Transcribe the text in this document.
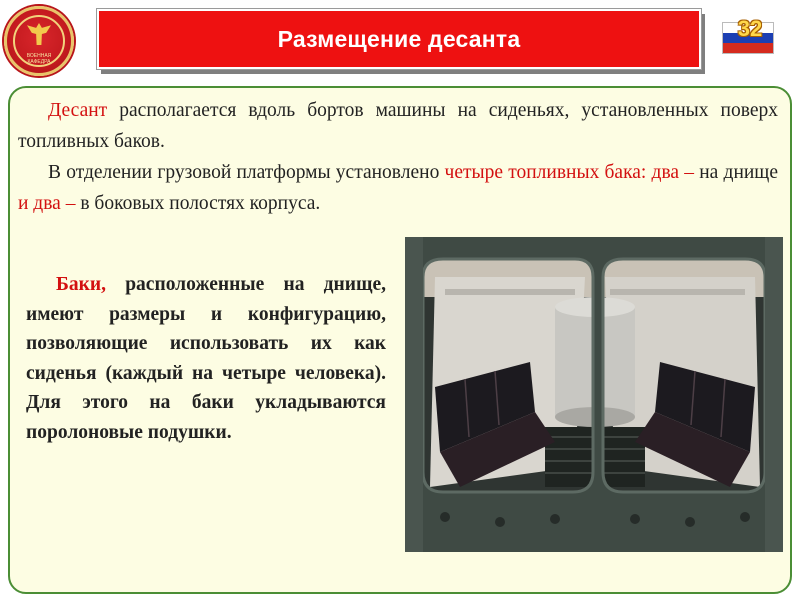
ВОЕННАЯ КАФЕДРА
Размещение десанта	32

Десант располагается вдоль бортов машины на сиденьях, установленных поверх топливных баков.

В отделении грузовой платформы установлено четыре топливных бака: два – на днище и два – в боковых полостях корпуса.

Баки, расположенные на днище, имеют размеры и конфигурацию, позволяющие использовать их как сиденья (каждый на четыре человека). Для этого на баки укладываются поролоновые подушки.
